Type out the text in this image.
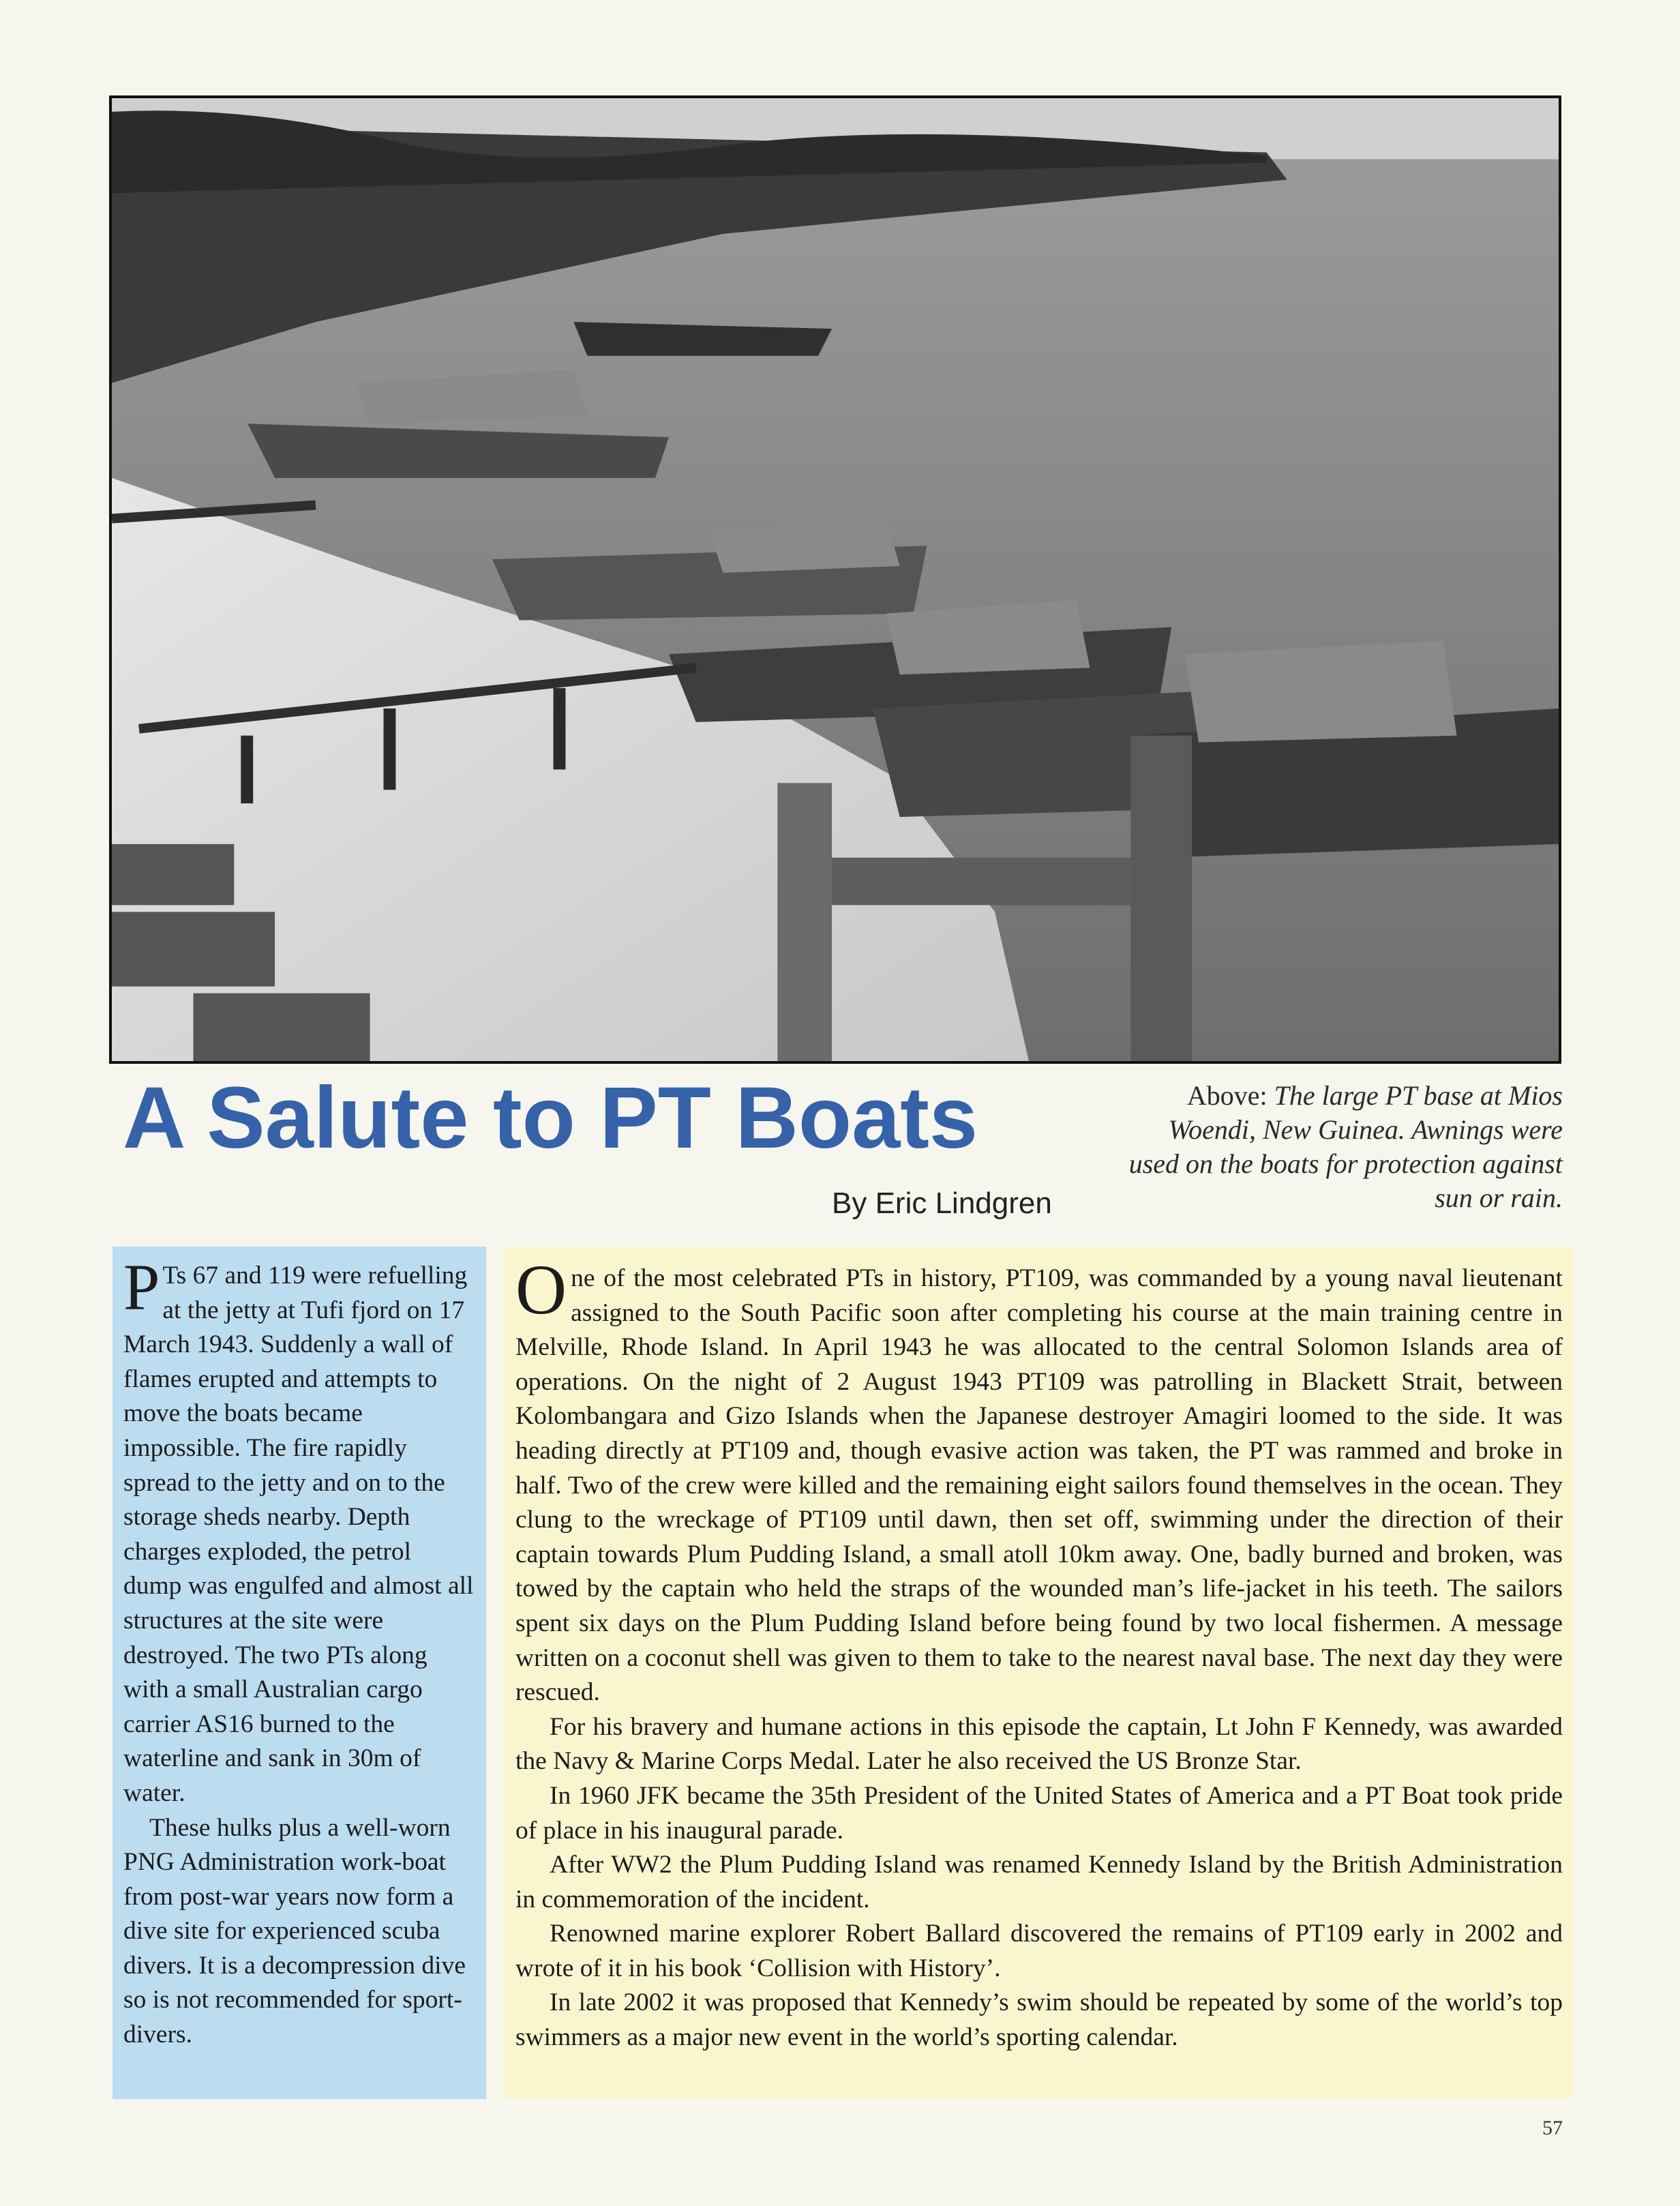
A Salute to PT Boats	Above: The large PT base at Mios Woendi, New Guinea. Awnings were used on the boats for protection against sun or rain.
By Eric Lindgren

P Ts 67 and 119 were refuelling at the jetty at Tufi fjord on 17 March 1943. Suddenly a wall of flames erupted and attempts to move the boats became impossible. The fire rapidly spread to the jetty and on to the storage sheds nearby. Depth charges exploded, the petrol dump was engulfed and almost all structures at the site were destroyed. The two PTs along with a small Australian cargo carrier AS16 burned to the waterline and sank in 30m of water.

These hulks plus a well-worn PNG Administration work-boat from post-war years now form a dive site for experienced scuba divers. It is a decompression dive so is not recommended for sport-divers.

One of the most celebrated PTs in history, PT109, was commanded by a young naval lieutenant assigned to the South Pacific soon after completing his course at the main training centre in Melville, Rhode Island. In April 1943 he was allocated to the central Solomon Islands area of operations. On the night of 2 August 1943 PT109 was patrolling in Blackett Strait, between Kolombangara and Gizo Islands when the Japanese destroyer Amagiri loomed to the side. It was heading directly at PT109 and, though evasive action was taken, the PT was rammed and broke in half. Two of the crew were killed and the remaining eight sailors found themselves in the ocean. They clung to the wreckage of PT109 until dawn, then set off, swimming under the direction of their captain towards Plum Pudding Island, a small atoll 10km away. One, badly burned and broken, was towed by the captain who held the straps of the wounded man’s life-jacket in his teeth. The sailors spent six days on the Plum Pudding Island before being found by two local fishermen. A message written on a coconut shell was given to them to take to the nearest naval base. The next day they were rescued.

For his bravery and humane actions in this episode the captain, Lt John F Kennedy, was awarded the Navy & Marine Corps Medal. Later he also received the US Bronze Star.

In 1960 JFK became the 35th President of the United States of America and a PT Boat took pride of place in his inaugural parade.

After WW2 the Plum Pudding Island was renamed Kennedy Island by the British Administration in commemoration of the incident.

Renowned marine explorer Robert Ballard discovered the remains of PT109 early in 2002 and wrote of it in his book ‘Collision with History’.

In late 2002 it was proposed that Kennedy’s swim should be repeated by some of the world’s top swimmers as a major new event in the world’s sporting calendar.

57
